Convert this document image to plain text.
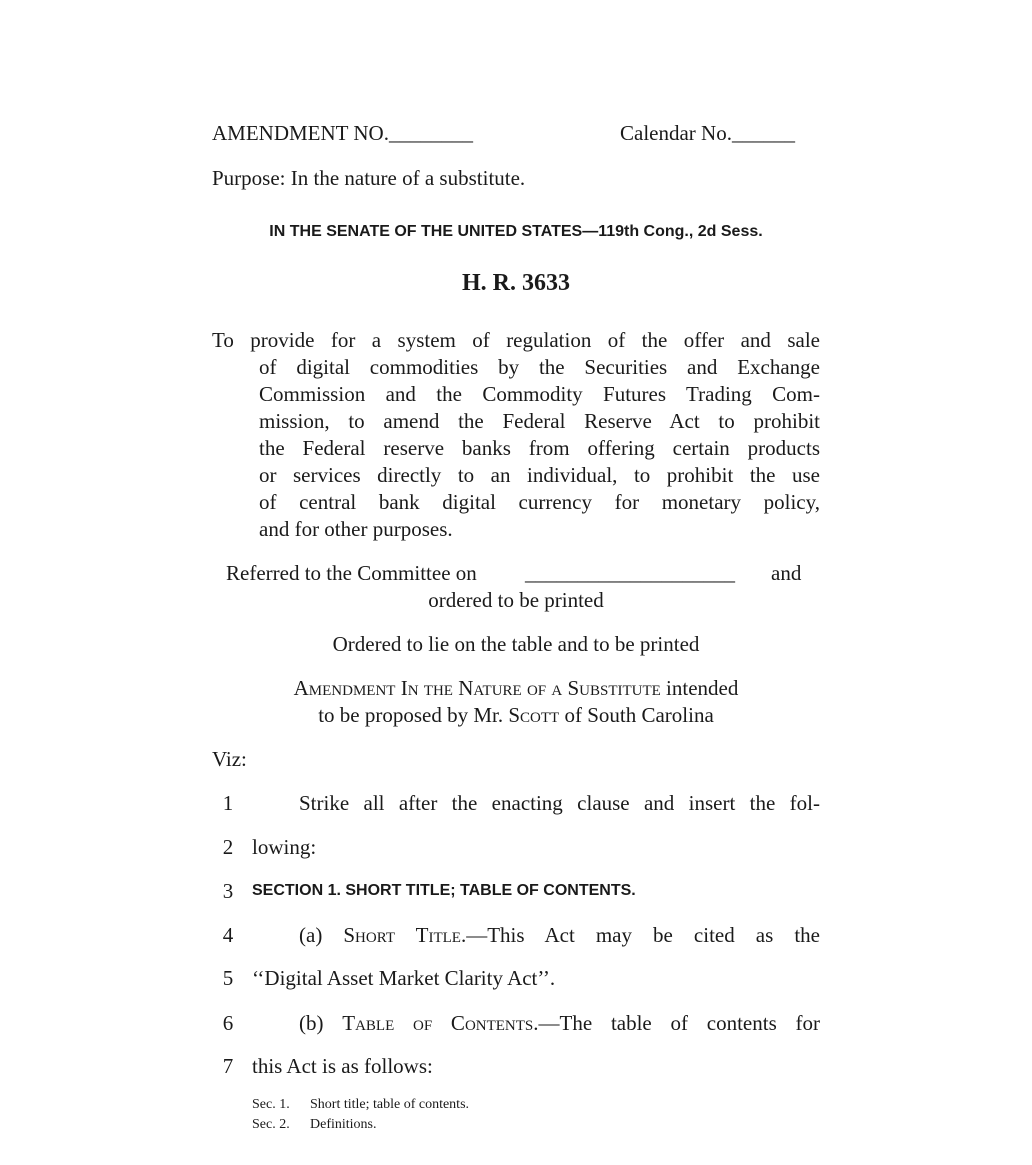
AMENDMENT NO.________	Calendar No.______
Purpose: In the nature of a substitute.
IN THE SENATE OF THE UNITED STATES—119th Cong., 2d Sess.
H. R. 3633
To provide for a system of regulation of the offer and sale
of digital commodities by the Securities and Exchange
Commission and the Commodity Futures Trading Com-
mission, to amend the Federal Reserve Act to prohibit
the Federal reserve banks from offering certain products
or services directly to an individual, to prohibit the use
of central bank digital currency for monetary policy,
and for other purposes.
Referred to the Committee on ____________________ and
ordered to be printed
Ordered to lie on the table and to be printed
Amendment In the Nature of a Substitute intended
to be proposed by Mr. Scott of South Carolina
Viz:
1	Strike all after the enacting clause and insert the fol-
2 lowing:
3 SECTION 1. SHORT TITLE; TABLE OF CONTENTS.
4	(a) Short Title.—This Act may be cited as the
5 ‘‘Digital Asset Market Clarity Act’’.
6	(b) Table of Contents.—The table of contents for
7 this Act is as follows:
Sec. 1. Short title; table of contents.
Sec. 2. Definitions.
